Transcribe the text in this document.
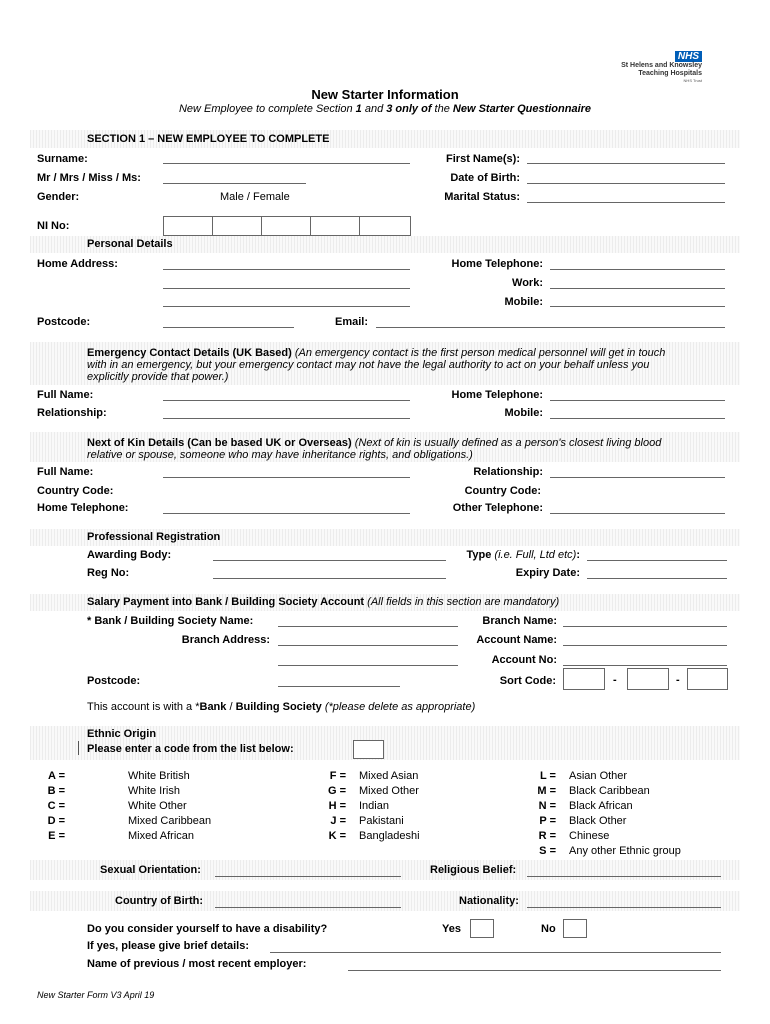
NHS
St Helens and Knowsley
Teaching Hospitals
NHS Trust
New Starter Information
New Employee to complete Section 1 and 3 only of the New Starter Questionnaire
SECTION 1 – NEW EMPLOYEE TO COMPLETE
Surname:	First Name(s):
Mr / Mrs / Miss / Ms:	Date of Birth:
Gender:	Male / Female	Marital Status:
NI No:
Personal Details
Home Address:	Home Telephone:
Work:
Mobile:
Postcode:	Email:
Emergency Contact Details (UK Based) (An emergency contact is the first person medical personnel will get in touch
with in an emergency, but your emergency contact may not have the legal authority to act on your behalf unless you
explicitly provide that power.)
Full Name:	Home Telephone:
Relationship:	Mobile:
Next of Kin Details (Can be based UK or Overseas) (Next of kin is usually defined as a person's closest living blood
relative or spouse, someone who may have inheritance rights, and obligations.)
Full Name:	Relationship:
Country Code:	Country Code:
Home Telephone:	Other Telephone:
Professional Registration
Awarding Body:	Type (i.e. Full, Ltd etc):
Reg No:	Expiry Date:
Salary Payment into Bank / Building Society Account (All fields in this section are mandatory)
* Bank / Building Society Name:	Branch Name:
Branch Address:	Account Name:
Account No:
Postcode:	Sort Code:	-	-
This account is with a *Bank / Building Society (*please delete as appropriate)
Ethnic Origin
Please enter a code from the list below:
A =	White British
B =	White Irish
C =	White Other
D =	Mixed Caribbean
E =	Mixed African
F = Mixed Asian
G = Mixed Other
H = Indian
J = Pakistani
K = Bangladeshi
L = Asian Other
M = Black Caribbean
N = Black African
P = Black Other
R = Chinese
S = Any other Ethnic group
Sexual Orientation:	Religious Belief:
Country of Birth:	Nationality:
Do you consider yourself to have a disability?	Yes	No
If yes, please give brief details:
Name of previous / most recent employer:
New Starter Form V3 April 19
